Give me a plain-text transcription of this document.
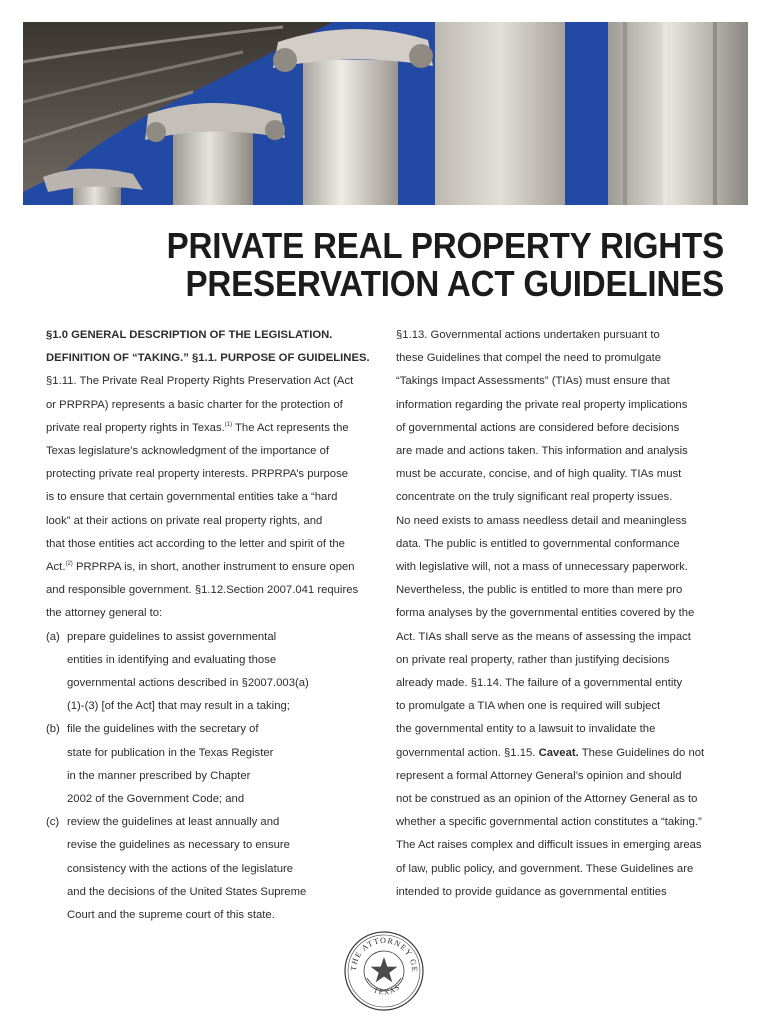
PRIVATE REAL PROPERTY RIGHTS
PRESERVATION ACT GUIDELINES

§1.0 GENERAL DESCRIPTION OF THE LEGISLATION.

DEFINITION OF “TAKING.” §1.1. PURPOSE OF GUIDELINES.

§1.11. The Private Real Property Rights Preservation Act (Act

or PRPRPA) represents a basic charter for the protection of

private real property rights in Texas.$^{(1)}$ The Act represents the

Texas legislature’s acknowledgment of the importance of

protecting private real property interests. PRPRPA’s purpose

is to ensure that certain governmental entities take a “hard

look” at their actions on private real property rights, and

that those entities act according to the letter and spirit of the

Act.$^{(2)}$ PRPRPA is, in short, another instrument to ensure open

and responsible government. §1.12.Section 2007.041 requires

the attorney general to:

(a) prepare guidelines to assist governmental

entities in identifying and evaluating those

governmental actions described in §2007.003(a)

(1)-(3) [of the Act] that may result in a taking;

(b) file the guidelines with the secretary of

state for publication in the Texas Register

in the manner prescribed by Chapter

2002 of the Government Code; and

(c) review the guidelines at least annually and

revise the guidelines as necessary to ensure

consistency with the actions of the legislature

and the decisions of the United States Supreme

Court and the supreme court of this state.

§1.13. Governmental actions undertaken pursuant to

these Guidelines that compel the need to promulgate

“Takings Impact Assessments” (TIAs) must ensure that

information regarding the private real property implications

of governmental actions are considered before decisions

are made and actions taken. This information and analysis

must be accurate, concise, and of high quality. TIAs must

concentrate on the truly significant real property issues.

No need exists to amass needless detail and meaningless

data. The public is entitled to governmental conformance

with legislative will, not a mass of unnecessary paperwork.

Nevertheless, the public is entitled to more than mere pro

forma analyses by the governmental entities covered by the

Act. TIAs shall serve as the means of assessing the impact

on private real property, rather than justifying decisions

already made. §1.14. The failure of a governmental entity

to promulgate a TIA when one is required will subject

the governmental entity to a lawsuit to invalidate the

governmental action. §1.15. Caveat. These Guidelines do not

represent a formal Attorney General’s opinion and should

not be construed as an opinion of the Attorney General as to

whether a specific governmental action constitutes a “taking.”

The Act raises complex and difficult issues in emerging areas

of law, public policy, and government. These Guidelines are

intended to provide guidance as governmental entities

THE ATTORNEY GE
TEXAS
